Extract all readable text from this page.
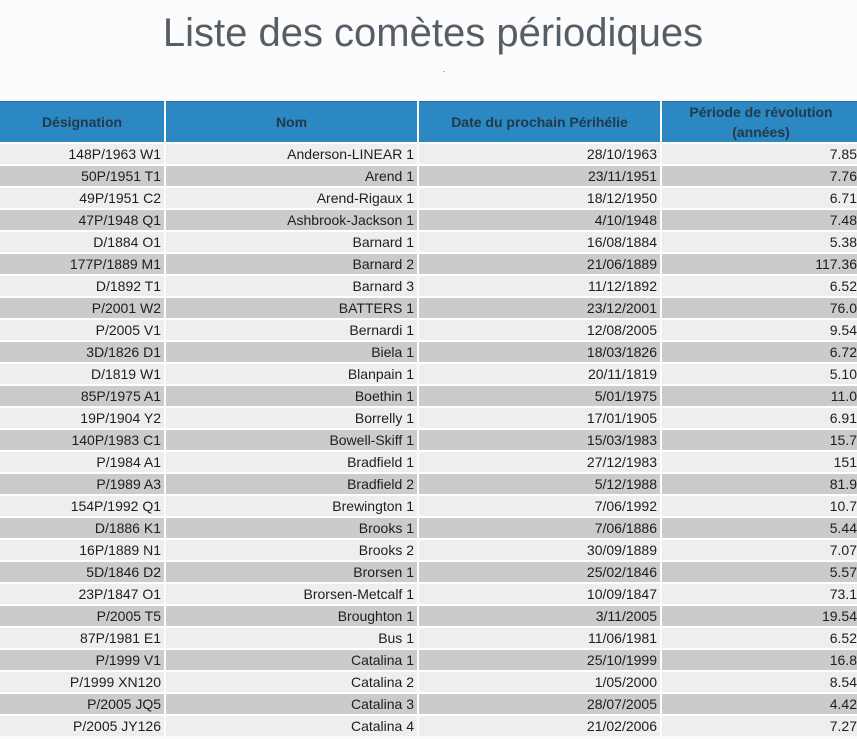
Liste des comètes périodiques
Désignation	Nom	Date du prochain Périhélie	Période de révolution (années)
148P/1963 W1	Anderson-LINEAR 1	28/10/1963	7.85
50P/1951 T1	Arend 1	23/11/1951	7.76
49P/1951 C2	Arend-Rigaux 1	18/12/1950	6.71
47P/1948 Q1	Ashbrook-Jackson 1	4/10/1948	7.48
D/1884 O1	Barnard 1	16/08/1884	5.38
177P/1889 M1	Barnard 2	21/06/1889	117.36
D/1892 T1	Barnard 3	11/12/1892	6.52
P/2001 W2	BATTERS 1	23/12/2001	76.0
P/2005 V1	Bernardi 1	12/08/2005	9.54
3D/1826 D1	Biela 1	18/03/1826	6.72
D/1819 W1	Blanpain 1	20/11/1819	5.10
85P/1975 A1	Boethin 1	5/01/1975	11.0
19P/1904 Y2	Borrelly 1	17/01/1905	6.91
140P/1983 C1	Bowell-Skiff 1	15/03/1983	15.7
P/1984 A1	Bradfield 1	27/12/1983	151
P/1989 A3	Bradfield 2	5/12/1988	81.9
154P/1992 Q1	Brewington 1	7/06/1992	10.7
D/1886 K1	Brooks 1	7/06/1886	5.44
16P/1889 N1	Brooks 2	30/09/1889	7.07
5D/1846 D2	Brorsen 1	25/02/1846	5.57
23P/1847 O1	Brorsen-Metcalf 1	10/09/1847	73.1
P/2005 T5	Broughton 1	3/11/2005	19.54
87P/1981 E1	Bus 1	11/06/1981	6.52
P/1999 V1	Catalina 1	25/10/1999	16.8
P/1999 XN120	Catalina 2	1/05/2000	8.54
P/2005 JQ5	Catalina 3	28/07/2005	4.42
P/2005 JY126	Catalina 4	21/02/2006	7.27
